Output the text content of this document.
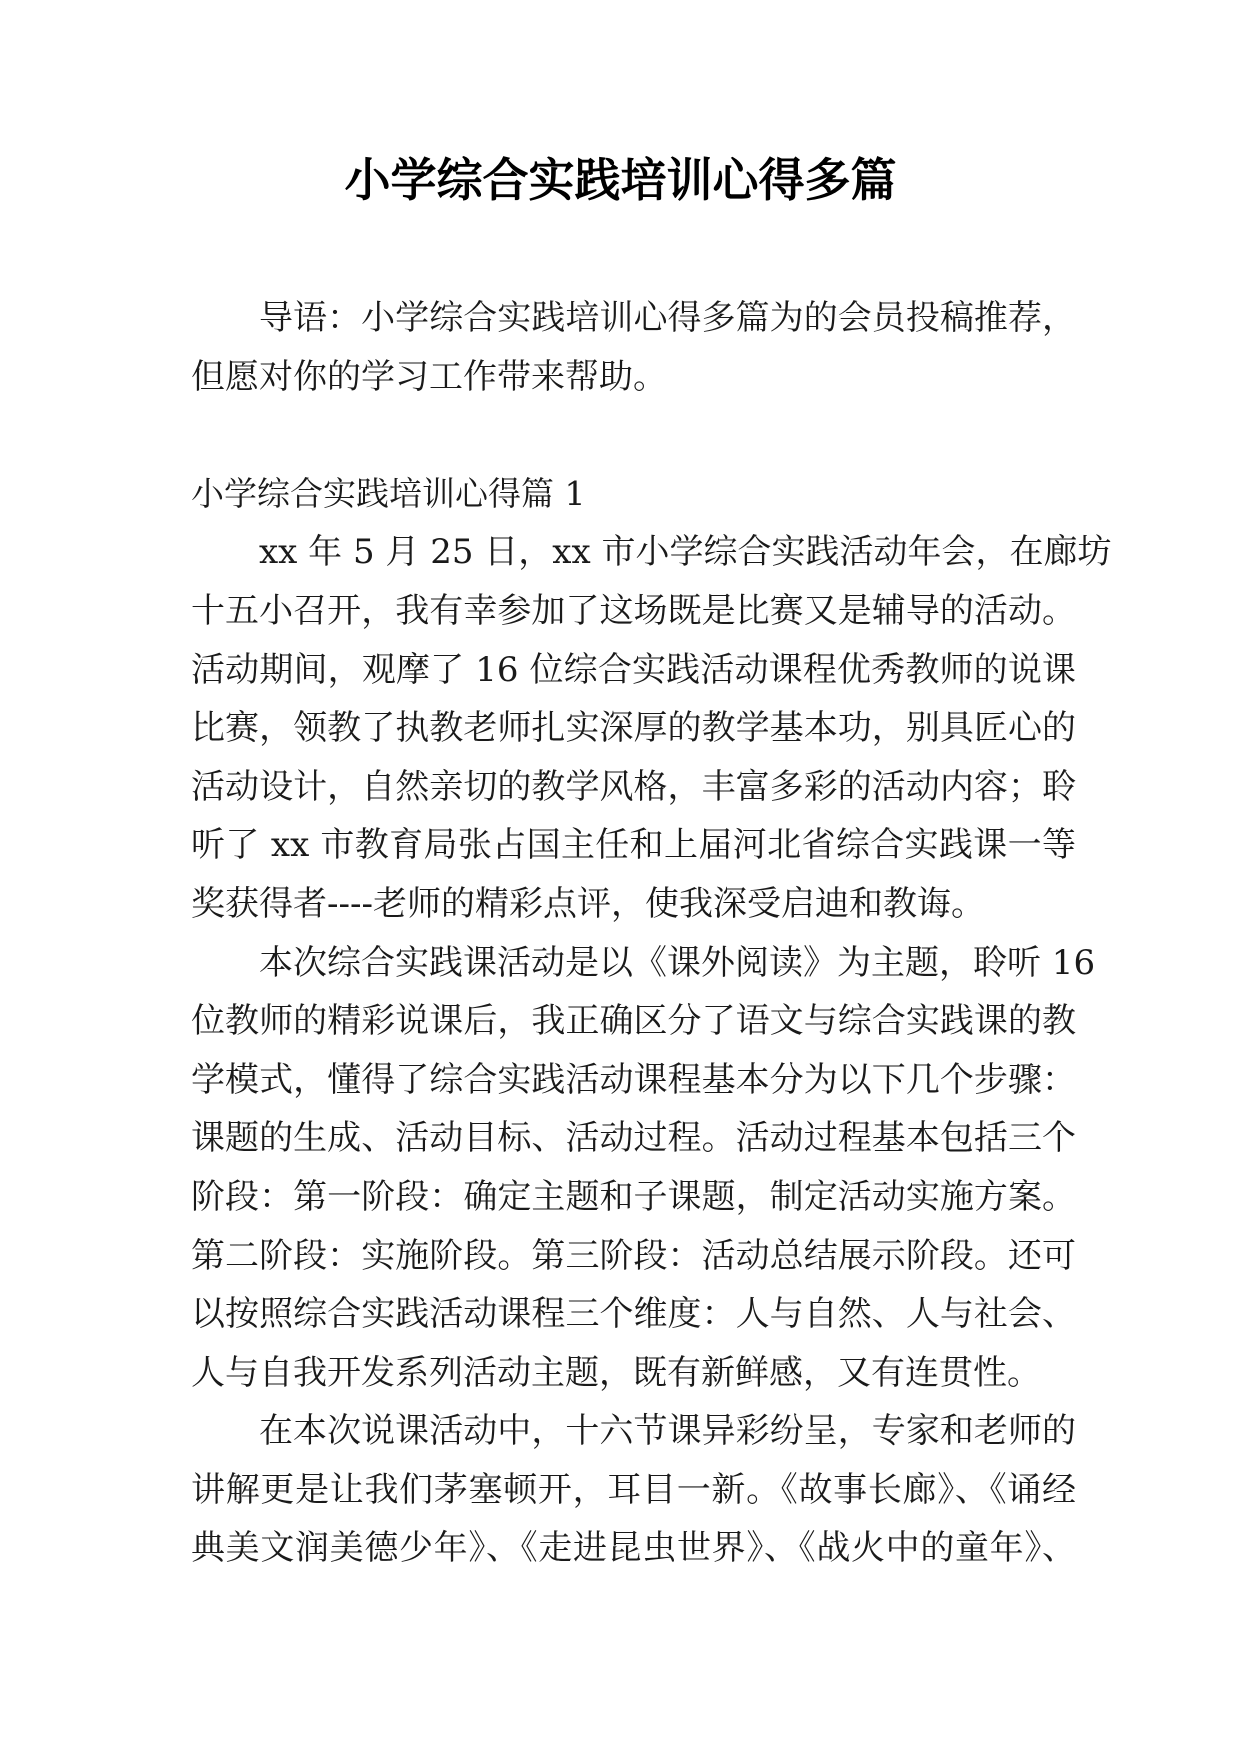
小学综合实践培训心得多篇
导语：小学综合实践培训心得多篇为的会员投稿推荐，
但愿对你的学习工作带来帮助。
小学综合实践培训心得篇 1
xx 年 5 月 25 日，xx 市小学综合实践活动年会，在廊坊
十五小召开，我有幸参加了这场既是比赛又是辅导的活动。
活动期间，观摩了 16 位综合实践活动课程优秀教师的说课
比赛，领教了执教老师扎实深厚的教学基本功，别具匠心的
活动设计，自然亲切的教学风格，丰富多彩的活动内容；聆
听了 xx 市教育局张占国主任和上届河北省综合实践课一等
奖获得者----老师的精彩点评，使我深受启迪和教诲。
本次综合实践课活动是以《课外阅读》为主题，聆听 16
位教师的精彩说课后，我正确区分了语文与综合实践课的教
学模式，懂得了综合实践活动课程基本分为以下几个步骤：
课题的生成、活动目标、活动过程。活动过程基本包括三个
阶段：第一阶段：确定主题和子课题，制定活动实施方案。
第二阶段：实施阶段。第三阶段：活动总结展示阶段。还可
以按照综合实践活动课程三个维度：人与自然、人与社会、
人与自我开发系列活动主题，既有新鲜感，又有连贯性。
在本次说课活动中，十六节课异彩纷呈，专家和老师的
讲解更是让我们茅塞顿开，耳目一新。《故事长廊》、《诵经
典美文润美德少年》、《走进昆虫世界》、《战火中的童年》、
